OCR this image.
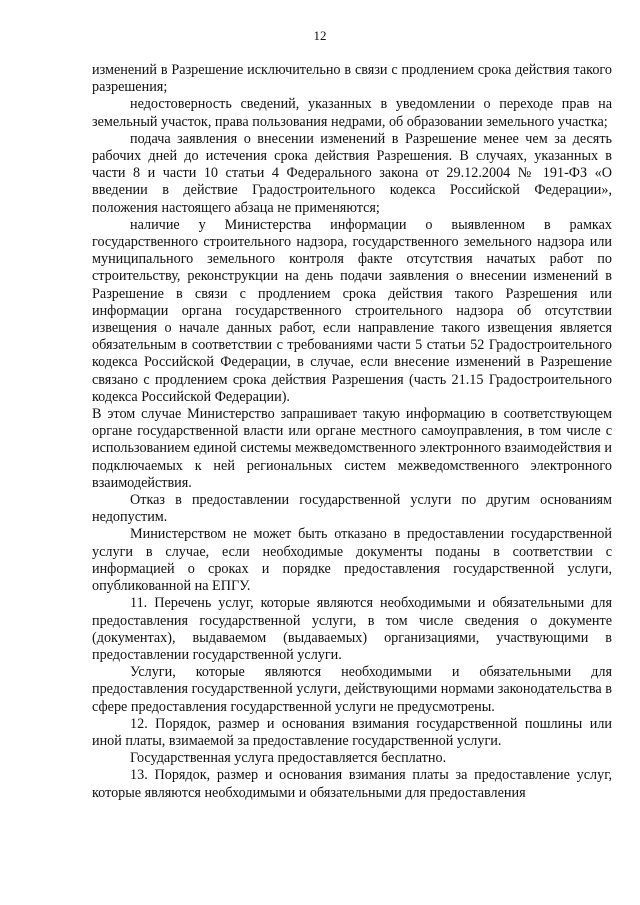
12

изменений в Разрешение исключительно в связи с продлением срока действия такого разрешения;

недостоверность сведений, указанных в уведомлении о переходе прав на земельный участок, права пользования недрами, об образовании земельного участка;

подача заявления о внесении изменений в Разрешение менее чем за десять рабочих дней до истечения срока действия Разрешения. В случаях, указанных в части 8 и части 10 статьи 4 Федерального закона от 29.12.2004 № 191-ФЗ «О введении в действие Градостроительного кодекса Российской Федерации», положения настоящего абзаца не применяются;

наличие у Министерства информации о выявленном в рамках государственного строительного надзора, государственного земельного надзора или муниципального земельного контроля факте отсутствия начатых работ по строительству, реконструкции на день подачи заявления о внесении изменений в Разрешение в связи с продлением срока действия такого Разрешения или информации органа государственного строительного надзора об отсутствии извещения о начале данных работ, если направление такого извещения является обязательным в соответствии с требованиями части 5 статьи 52 Градостроительного кодекса Российской Федерации, в случае, если внесение изменений в Разрешение связано с продлением срока действия Разрешения (часть 21.15 Градостроительного кодекса Российской Федерации).

В этом случае Министерство запрашивает такую информацию в соответствующем органе государственной власти или органе местного самоуправления, в том числе с использованием единой системы межведомственного электронного взаимодействия и подключаемых к ней региональных систем межведомственного электронного взаимодействия.

Отказ в предоставлении государственной услуги по другим основаниям недопустим.

Министерством не может быть отказано в предоставлении государственной услуги в случае, если необходимые документы поданы в соответствии с информацией о сроках и порядке предоставления государственной услуги, опубликованной на ЕПГУ.

11. Перечень услуг, которые являются необходимыми и обязательными для предоставления государственной услуги, в том числе сведения о документе (документах), выдаваемом (выдаваемых) организациями, участвующими в предоставлении государственной услуги.

Услуги, которые являются необходимыми и обязательными для предоставления государственной услуги, действующими нормами законодательства в сфере предоставления государственной услуги не предусмотрены.

12. Порядок, размер и основания взимания государственной пошлины или иной платы, взимаемой за предоставление государственной услуги.

Государственная услуга предоставляется бесплатно.

13. Порядок, размер и основания взимания платы за предоставление услуг, которые являются необходимыми и обязательными для предоставления
